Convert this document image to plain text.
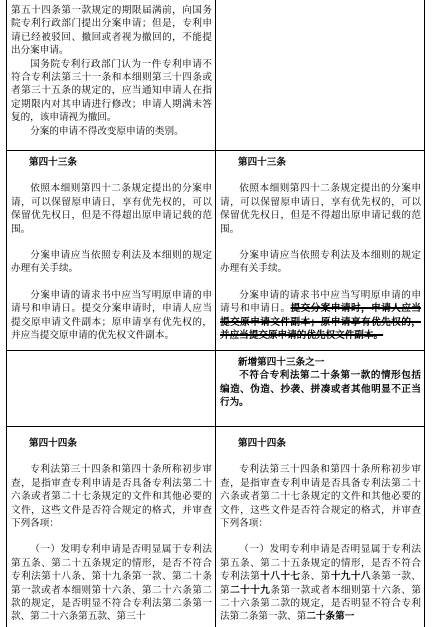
第五十四条第一款规定的期限届满前，向国务院专利行政部门提出分案申请；但是，专利申请已经被驳回、撤回或者视为撤回的，不能提出分案申请。

国务院专利行政部门认为一件专利申请不符合专利法第三十一条和本细则第三十四条或者第三十五条的规定的，应当通知申请人在指定期限内对其申请进行修改；申请人期满未答复的，该申请视为撤回。

分案的申请不得改变原申请的类别。

第四十三条

依照本细则第四十二条规定提出的分案申请，可以保留原申请日，享有优先权的，可以保留优先权日，但是不得超出原申请记载的范围。

分案申请应当依照专利法及本细则的规定办理有关手续。

分案申请的请求书中应当写明原申请的申请号和申请日。提交分案申请时，申请人应当提交原申请文件副本；原申请享有优先权的，并应当提交原申请的优先权文件副本。

第四十三条

依照本细则第四十二条规定提出的分案申请，可以保留原申请日，享有优先权的，可以保留优先权日，但是不得超出原申请记载的范围。

分案申请应当依照专利法及本细则的规定办理有关手续。

分案申请的请求书中应当写明原申请的申请号和申请日。提交分案申请时，申请人应当提交原申请文件副本；原申请享有优先权的，并应当提交原申请的优先权文件副本。

新增第四十三条之一

不符合专利法第二十条第一款的情形包括编造、伪造、抄袭、拼凑或者其他明显不正当行为。

第四十四条

专利法第三十四条和第四十条所称初步审查，是指审查专利申请是否具备专利法第二十六条或者第二十七条规定的文件和其他必要的文件，这些文件是否符合规定的格式，并审查下列各项：

（一）发明专利申请是否明显属于专利法第五条、第二十五条规定的情形，是否不符合专利法第十八条、第十九条第一款、第二十条第一款或者本细则第十六条、第二十六条第二款的规定，是否明显不符合专利法第二条第一款、第二十六条第五款、第三十

第四十四条

专利法第三十四条和第四十条所称初步审查，是指审查专利申请是否具备专利法第二十六条或者第二十七条规定的文件和其他必要的文件，这些文件是否符合规定的格式，并审查下列各项：

（一）发明专利申请是否明显属于专利法第五条、第二十五条规定的情形，是否不符合专利法第十八十七条、第十九十八条第一款、第二十十九条第一款或者本细则第十六条、第二十六条第二款的规定，是否明显不符合专利法第二条第一款、第二十条第一
